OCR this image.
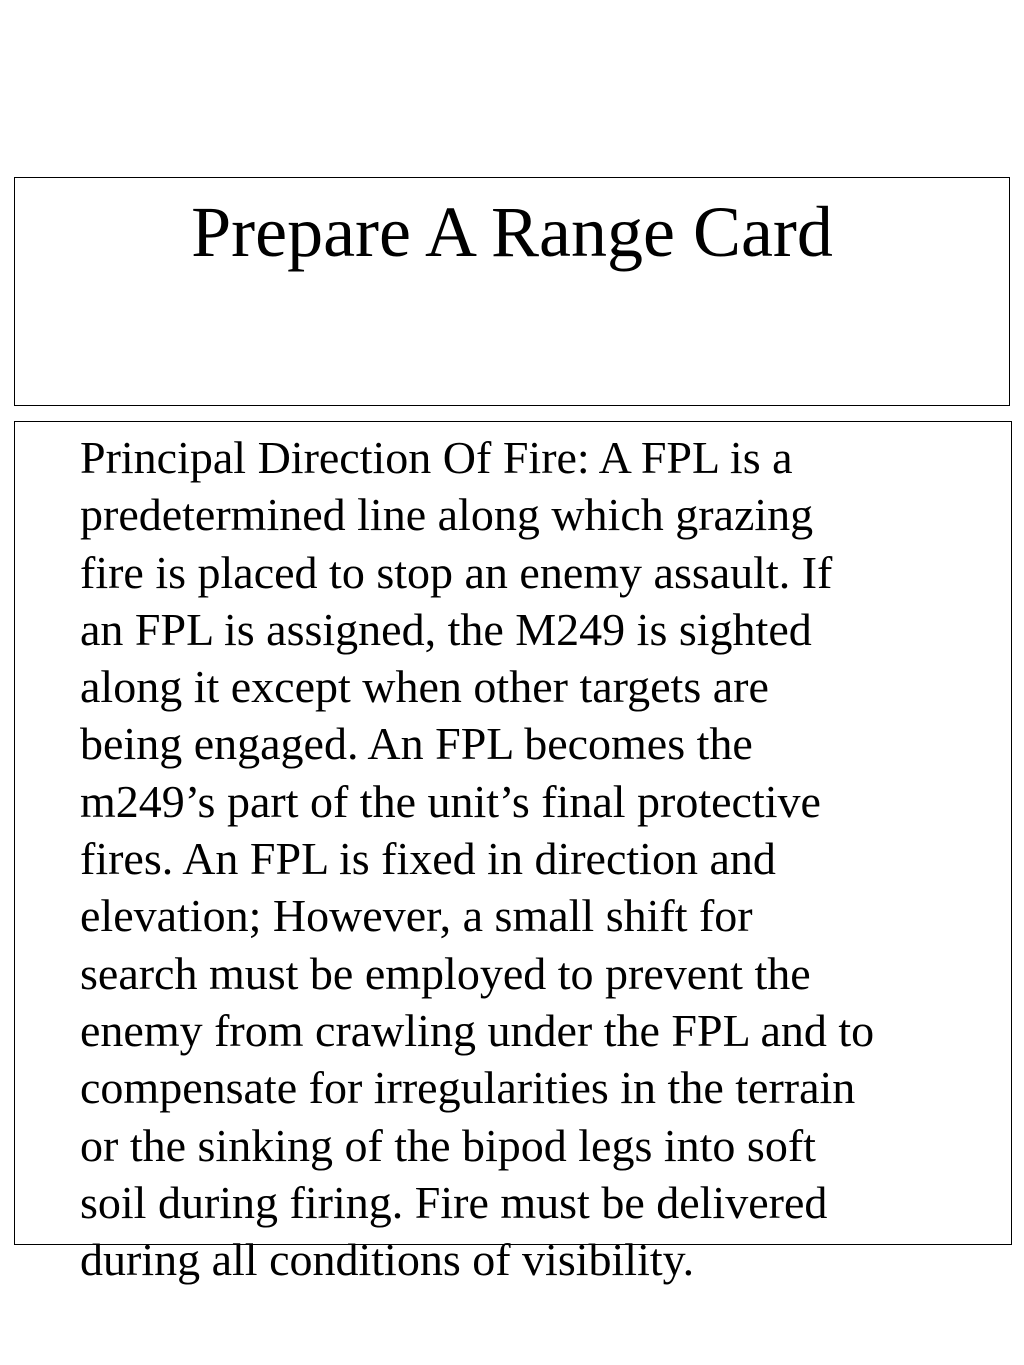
Prepare A Range Card

Principal Direction Of Fire: A FPL is a
predetermined line along which grazing
fire is placed to stop an enemy assault. If
an FPL is assigned, the M249 is sighted
along it except when other targets are
being engaged. An FPL becomes the
m249’s part of the unit’s final protective
fires. An FPL is fixed in direction and
elevation; However, a small shift for
search must be employed to prevent the
enemy from crawling under the FPL and to
compensate for irregularities in the terrain
or the sinking of the bipod legs into soft
soil during firing. Fire must be delivered
during all conditions of visibility.
